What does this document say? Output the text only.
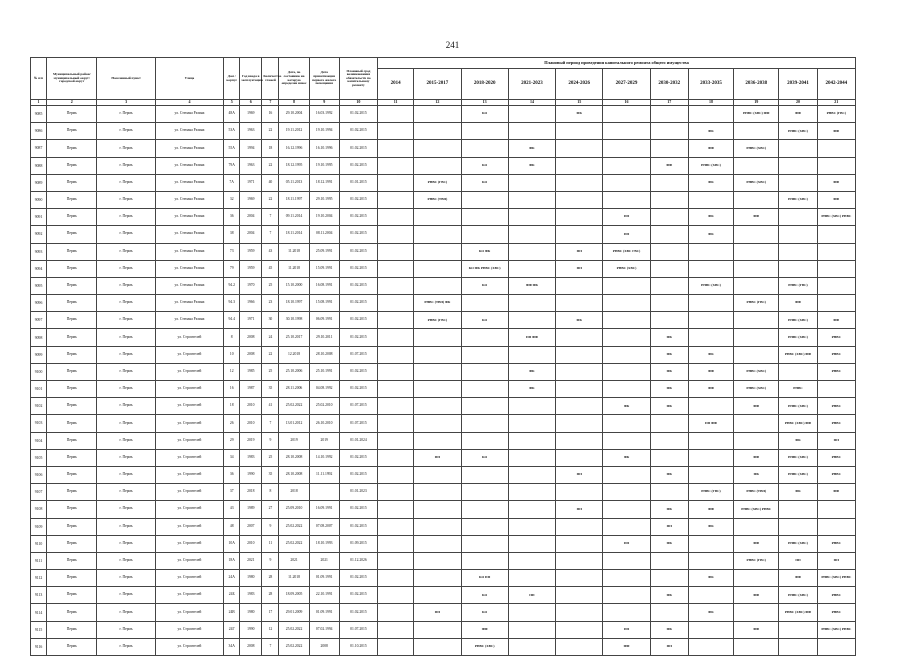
241
№ п/п	Муниципальный район/муниципальный округ/городской округ	Населенный пункт	Улица	Дом / корпус	Год ввода в эксплуатацию	Количество этажей	Дата, по состоянию на которую определен износ	Дата приватизации первого жилого помещения	Плановый срод возникновения обязательств по капитальному ремонту	Плановый период проведения капитального ремонта общего имущества										
										2014	2015-2017	2018-2020	2021-2023	2024-2026	2027-2029	2030-2032	2033-2035	2036-2038	2039-2041	2042-2044
1	2	3	4	5	6	7	8	9	10	11	12	13	14	15	16	17	18	19	20	21
9085	Пермь	г. Пермь	ул. Степана Разина	48А	1969	16	29.10.2004	16.03.1992	01.02.2015			КО		ФК				РНВС (ХВС) ФФ	ФФ	РНВС (ГВС)
9086	Пермь	г. Пермь	ул. Степана Разина	53А	1963	22	19.11.2012	19.10.1994	01.02.2015								ФК		РНВС (ХВС)	ФФ
9087	Пермь	г. Пермь	ул. Степана Разина	55А	1994	18	16.12.1996	16.10.1996	01.02.2015				ФК				ФФ	РНВС (ХВС)		
9088	Пермь	г. Пермь	ул. Степана Разина	79А	1963	22	18.12.1995	19.10.1995	01.02.2015			КО	ФК			ФФ	РНВС (ХВС)			
9089	Пермь	г. Пермь	ул. Степана Разина	7А	1971	40	05.11.2013	18.12.1991	01.01.2015		РНВС (ГВС)	КО					ФК	РНВС (ХВС)		ФФ
9090	Пермь	г. Пермь	ул. Степана Разина	32	1969	22	18.11.1997	29.10.1995	01.02.2015		РНВС (ТВП)								РНВС (ХВС)	ФФ
9091	Пермь	г. Пермь	ул. Степана Разина	36	2004	7	09.11.2014	19.10.2004	01.02.2015						ПП		ФК	ФФ		РНВС (ХВС) РНВС
9092	Пермь	г. Пермь	ул. Степана Разина	38	2004	7	18.11.2014	08.11.2004	01.02.2015						ПП		ФК			
9093	Пермь	г. Пермь	ул. Степана Разина	73	1959	43	11.2018	25.09.1991	01.02.2015			КО ФК		ПП	РНВС (ХВС ГВС)					
9094	Пермь	г. Пермь	ул. Степана Разина	79	1959	45	11.2018	15.09.1991	01.02.2015			КО ФК РНВС (ХВС)		ПП	РНВС (ХВС)					
9095	Пермь	г. Пермь	ул. Степана Разина	94.2	1970	25	15.10.2000	16.08.1991	01.02.2015			КО	ФФ ФК				РНВС (ХВС)		РНВС (ГВС)	
9096	Пермь	г. Пермь	ул. Степана Разина	94.3	1966	23	18.10.1997	15.08.1991	01.02.2015		РНВС (ТВП) ФК							РНВС (ГВС)	ФФ	
9097	Пермь	г. Пермь	ул. Степана Разина	94.4	1971	30	30.10.1998	06.09.1991	01.02.2015		РНВС (ГВС)	КО		ФК					РНВС (ХВС)	ФФ
9098	Пермь	г. Пермь	ул. Строителей	8	2008	24	25.10.2017	29.10.2011	01.02.2015				ПП ФФ			ФК			РНВС (ХВС)	РНВС
9099	Пермь	г. Пермь	ул. Строителей	10	2008	22	12.2018	28.10.2008	01.07.2015							ФК	ФК		РНВС (ХВС) ФФ	РНВС
9100	Пермь	г. Пермь	ул. Строителей	12	1985	25	25.10.2006	25.10.1991	01.02.2015				ФК			ФК	ФФ	РНВС (ХВС)		РНВС
9101	Пермь	г. Пермь	ул. Строителей	16	1987	35	28.11.2006	04.08.1992	01.02.2015				ФК			ФК	ФФ	РНВС (ХВС)	РНВС	
9102	Пермь	г. Пермь	ул. Строителей	18	2010	41	25.02.2022	25.02.2010	01.07.2015						ФК	ФК		ФФ	РНВС (ХВС)	РНВС
9103	Пермь	г. Пермь	ул. Строителей	26	2010	7	13.01.2012	26.10.2010	01.07.2015								ПП ФФ		РНВС (ХВС) ФФ	РНВС
9104	Пермь	г. Пермь	ул. Строителей	29	2019	9	2019	2019	01.01.2024										ФК	ПП
9105	Пермь	г. Пермь	ул. Строителей	34	1983	25	28.10.2008	14.10.1992	01.02.2015		ПП	КО			ФК			ФФ	РНВС (ХВС)	РНВС
9106	Пермь	г. Пермь	ул. Строителей	36	1990	35	28.10.2008	11.11.1992	01.02.2015					ПП		ФК		ФК	РНВС (ХВС)	РНВС
9107	Пермь	г. Пермь	ул. Строителей	37	2018	8	2018		01.01.2023								РНВС (ГВС)	РНВС (ТВП)	ФК	ФФ
9108	Пермь	г. Пермь	ул. Строителей	43	1989	27	25.09.2010	16.09.1991	01.02.2015					ПП		ФК	ФФ	РНВС (ХВС) РНВС		
9109	Пермь	г. Пермь	ул. Строителей	48	2007	9	25.02.2022	07.08.2007	01.02.2015							ПП	ФК			
9110	Пермь	г. Пермь	ул. Строителей	10А	2010	11	25.02.2022	18.10.1993	01.09.2015						ПП	ФК		ФФ	РНВС (ХВС)	РНВС
9111	Пермь	г. Пермь	ул. Строителей	18А	2021	9	2021	2021	01.12.2026									РНВС (ГВС)	ПП	ПП
9112	Пермь	г. Пермь	ул. Строителей	24А	1980	28	11.2018	01.09.1991	01.02.2015			КО ПП					ФК		ФФ	РНВС (ХВС) РНВС
9113	Пермь	г. Пермь	ул. Строителей	24Б	1983	28	18.09.2005	22.10.1991	01.02.2015			КО	ПП			ФК		ФФ	РНВС (ХВС)	РНВС
9114	Пермь	г. Пермь	ул. Строителей	24В	1980	17	29.01.2009	01.09.1991	01.02.2015		ПП	КО					ФК		РНВС (ХВС) ФФ	РНВС
9115	Пермь	г. Пермь	ул. Строителей	24Г	1990	12	25.02.2022	07.02.1994	01.07.2015			ФФ			ПП	ФК		ФФ		РНВС (ХВС) РНВС
9116	Пермь	г. Пермь	ул. Строителей	34А	2008	7	25.02.2022	2008	01.10.2015			РНВС (ХВС)			ФФ	ПП				
